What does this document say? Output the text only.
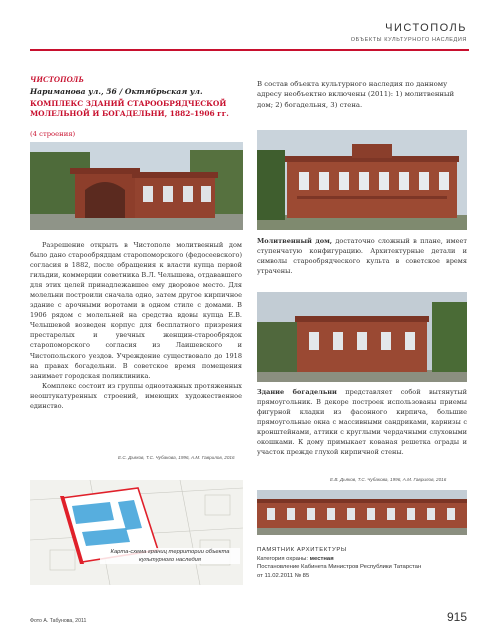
ЧИСТОПОЛЬ
ОБЪЕКТЫ КУЛЬТУРНОГО НАСЛЕДИЯ
ЧИСТОПОЛЬ
Нариманова ул., 56 / Октябрьская ул.
КОМПЛЕКС ЗДАНИЙ СТАРООБРЯДЧЕСКОЙ МОЛЕЛЬНОЙ И БОГАДЕЛЬНИ, 1882–1906 гг.
(4 строения)
В состав объекта культурного наследия по данному адресу необъектно включены (2011): 1) молитвенный дом; 2) богадельня, 3) стена.

Разрешение открыть в Чистополе молитвенный дом было дано старообрядцам старопоморского (федосеевского) согласия в 1882, после обращения к власти купца первой гильдии, коммерции советника В.Л. Челышева, отдававшего для этих целей принадлежавшее ему дворовое место. Для молельни построили сначала одно, затем другое кирпичное здание с арочными воротами в одном стиле с домами. В 1906 рядом с молельней на средства вдовы купца Е.В. Челышевой возведен корпус для бесплатного призрения престарелых и увечных женщин-старообрядок старопоморского согласия из Лаишевского и Чистопольского уездов. Учреждение существовало до 1918 на правах богадельни. В советское время помещения занимает городская поликлиника.

Комплекс состоит из группы одноэтажных протяженных неоштукатуренных строений, имеющих художественное единство.

Е.С. Дьяков, Т.С. Чубакова, 1996, А.М. Гаврилов, 2016
Молитвенный дом, достаточно сложный в плане, имеет ступенчатую конфигурацию. Архитектурные детали и символы старообрядческого культа в советское время утрачены.
Здание богадельни представляет собой вытянутый прямоугольник. В декоре построек использованы приемы фигурной кладки из фасонного кирпича, большие прямоугольные окна с массивными сандриками, карнизы с кронштейнами, аттики с круглыми чердачными слуховыми окошками. К дому примыкает кованая решетка ограды и участок прежде глухой кирпичной стены.
Е.В. Дьяков, Т.С. Чубакова, 1996, А.М. Гаврилов, 2016
Карта-схема границ территории объекта культурного наследия
ПАМЯТНИК АРХИТЕКТУРЫ
Категория охраны: местная
Постановление Кабинета Министров Республики Татарстан
от 11.02.2011 № 85
Фото А. Табунова, 2011	915
